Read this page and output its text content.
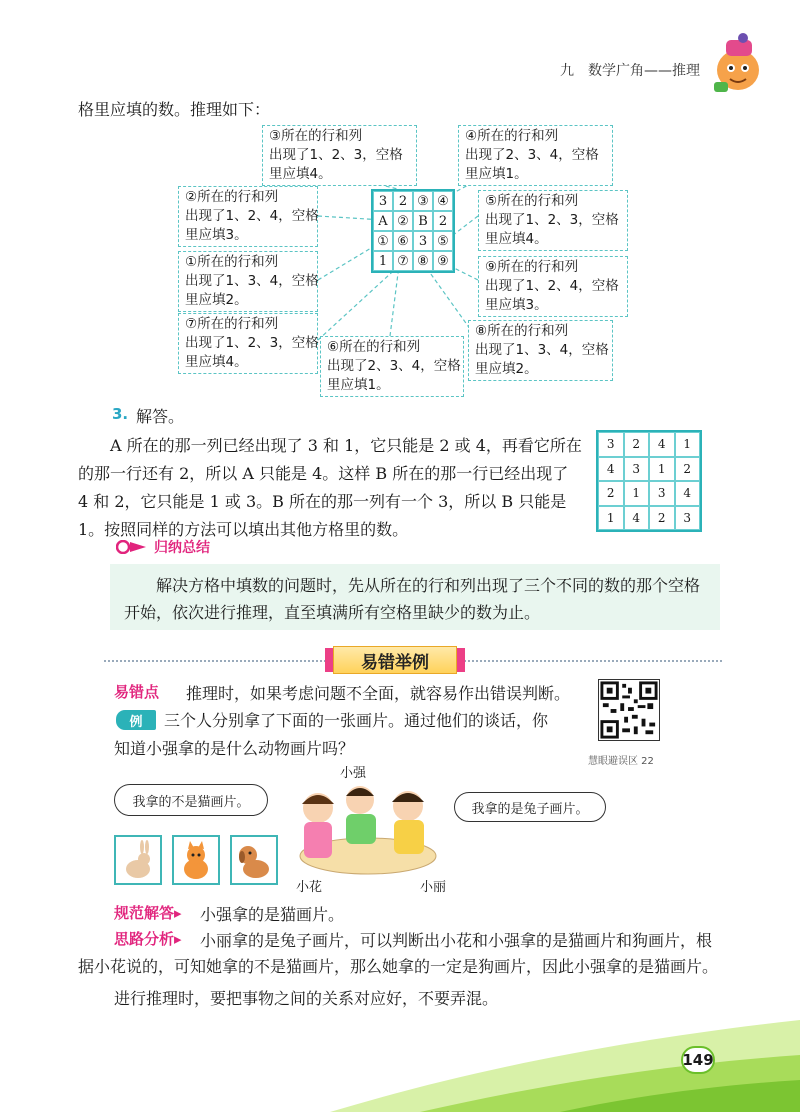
九　数学广角——推理
格里应填的数。推理如下：
③所在的行和列
出现了1、2、3，空格
里应填4。
④所在的行和列
出现了2、3、4，空格
里应填1。
②所在的行和列
出现了1、2、4，空格
里应填3。
⑤所在的行和列
出现了1、2、3，空格
里应填4。
①所在的行和列
出现了1、3、4，空格
里应填2。
⑨所在的行和列
出现了1、2、4，空格
里应填3。
⑦所在的行和列
出现了1、2、3，空格
里应填4。
⑧所在的行和列
出现了1、3、4，空格
里应填2。
⑥所在的行和列
出现了2、3、4，空格
里应填1。
3 2 ③ ④
A ② B 2
① ⑥ 3 ⑤
1 ⑦ ⑧ ⑨
3. 解答。
A 所在的那一列已经出现了 3 和 1，它只能是 2 或 4，再看它所在的那一行还有 2，所以 A 只能是 4。这样 B 所在的那一行已经出现了 4 和 2，它只能是 1 或 3。B 所在的那一列有一个 3，所以 B 只能是 1。按照同样的方法可以填出其他方格里的数。
3	2	4	1
4	3	1	2
2	1	3	4
1	4	2	3
归纳总结
解决方格中填数的问题时，先从所在的行和列出现了三个不同的数的那个空格开始，依次进行推理，直至填满所有空格里缺少的数为止。
易错举例
易错点 推理时，如果考虑问题不全面，就容易作出错误判断。
例	三个人分别拿了下面的一张画片。通过他们的谈话，你
知道小强拿的是什么动物画片吗？
慧眼避误区 22
我拿的不是猫画片。	我拿的是兔子画片。
小强
小花	小丽
规范解答▸ 小强拿的是猫画片。
思路分析▸ 小丽拿的是兔子画片，可以判断出小花和小强拿的是猫画片和狗画片，根
据小花说的，可知她拿的不是猫画片，那么她拿的一定是狗画片，因此小强拿的是猫画片。
进行推理时，要把事物之间的关系对应好，不要弄混。
149
